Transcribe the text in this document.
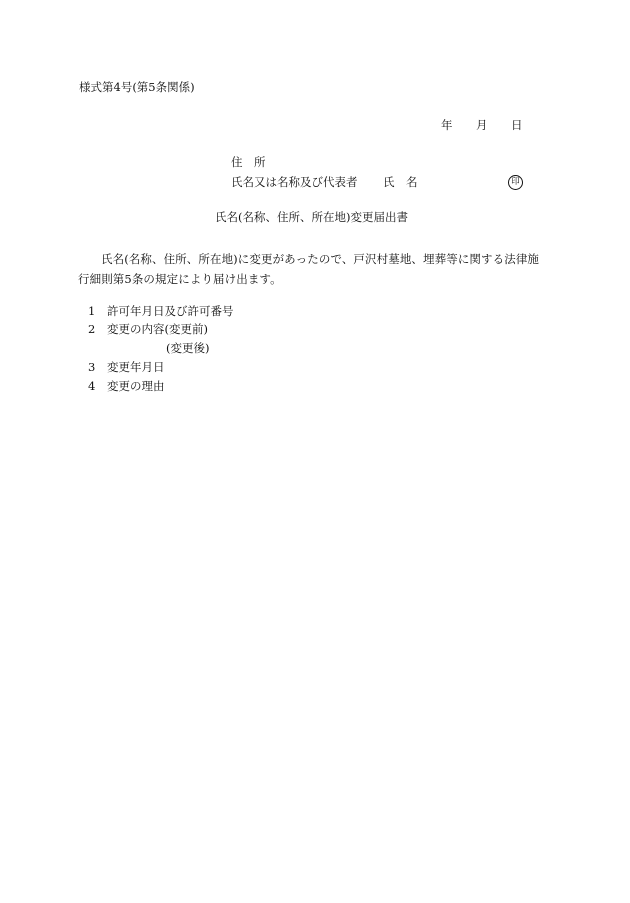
様式第4号(第5条関係)
年 月 日
住　所
氏名又は名称及び代表者 氏　名	印
氏名(名称、住所、所在地)変更届出書
氏名(名称、住所、所在地)に変更があったので、戸沢村墓地、埋葬等に関する法律施行細則第5条の規定により届け出ます。
1 許可年月日及び許可番号
2 変更の内容(変更前)
(変更後)
3 変更年月日
4 変更の理由
